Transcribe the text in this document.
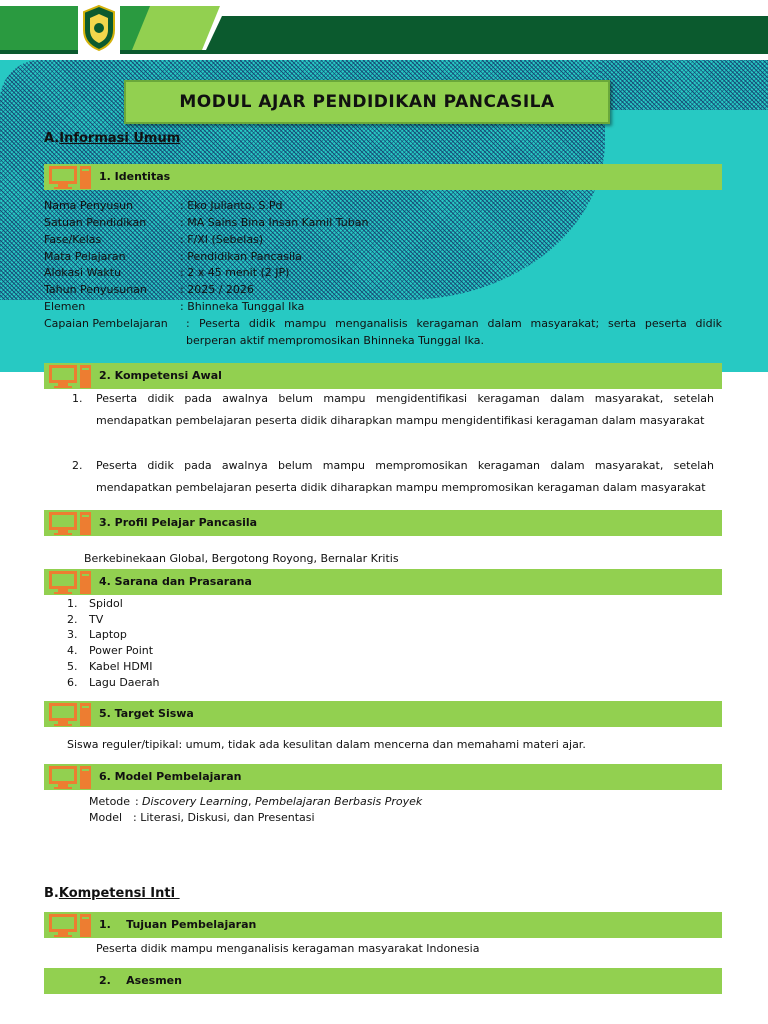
MODUL AJAR PENDIDIKAN PANCASILA
A.Informasi Umum
1. Identitas
Nama Penyusun	: Eko Julianto, S.Pd
Satuan Pendidikan	: MA Sains Bina Insan Kamil Tuban
Fase/Kelas	: F/XI (Sebelas)
Mata Pelajaran	: Pendidikan Pancasila
Alokasi Waktu	: 2 x 45 menit (2 JP)
Tahun Penyusunan	: 2025 / 2026
Elemen	: Bhinneka Tunggal Ika
Capaian Pembelajaran : Peserta didik mampu menganalisis keragaman dalam masyarakat; serta peserta didik berperan aktif mempromosikan Bhinneka Tunggal Ika.
2. Kompetensi Awal
1. Peserta didik pada awalnya belum mampu mengidentifikasi keragaman dalam masyarakat, setelah mendapatkan pembelajaran peserta didik diharapkan mampu mengidentifikasi keragaman dalam masyarakat
2. Peserta didik pada awalnya belum mampu mempromosikan keragaman dalam masyarakat, setelah mendapatkan pembelajaran peserta didik diharapkan mampu mempromosikan keragaman dalam masyarakat
3. Profil Pelajar Pancasila
Berkebinekaan Global, Bergotong Royong, Bernalar Kritis
4. Sarana dan Prasarana
1. Spidol
2. TV
3. Laptop
4. Power Point
5. Kabel HDMI
6. Lagu Daerah
5. Target Siswa
Siswa reguler/tipikal: umum, tidak ada kesulitan dalam mencerna dan memahami materi ajar.
6. Model Pembelajaran
Metode : Discovery Learning, Pembelajaran Berbasis Proyek
Model : Literasi, Diskusi, dan Presentasi
B.Kompetensi Inti
1.    Tujuan Pembelajaran
Peserta didik mampu menganalisis keragaman masyarakat Indonesia
2.    Asesmen
